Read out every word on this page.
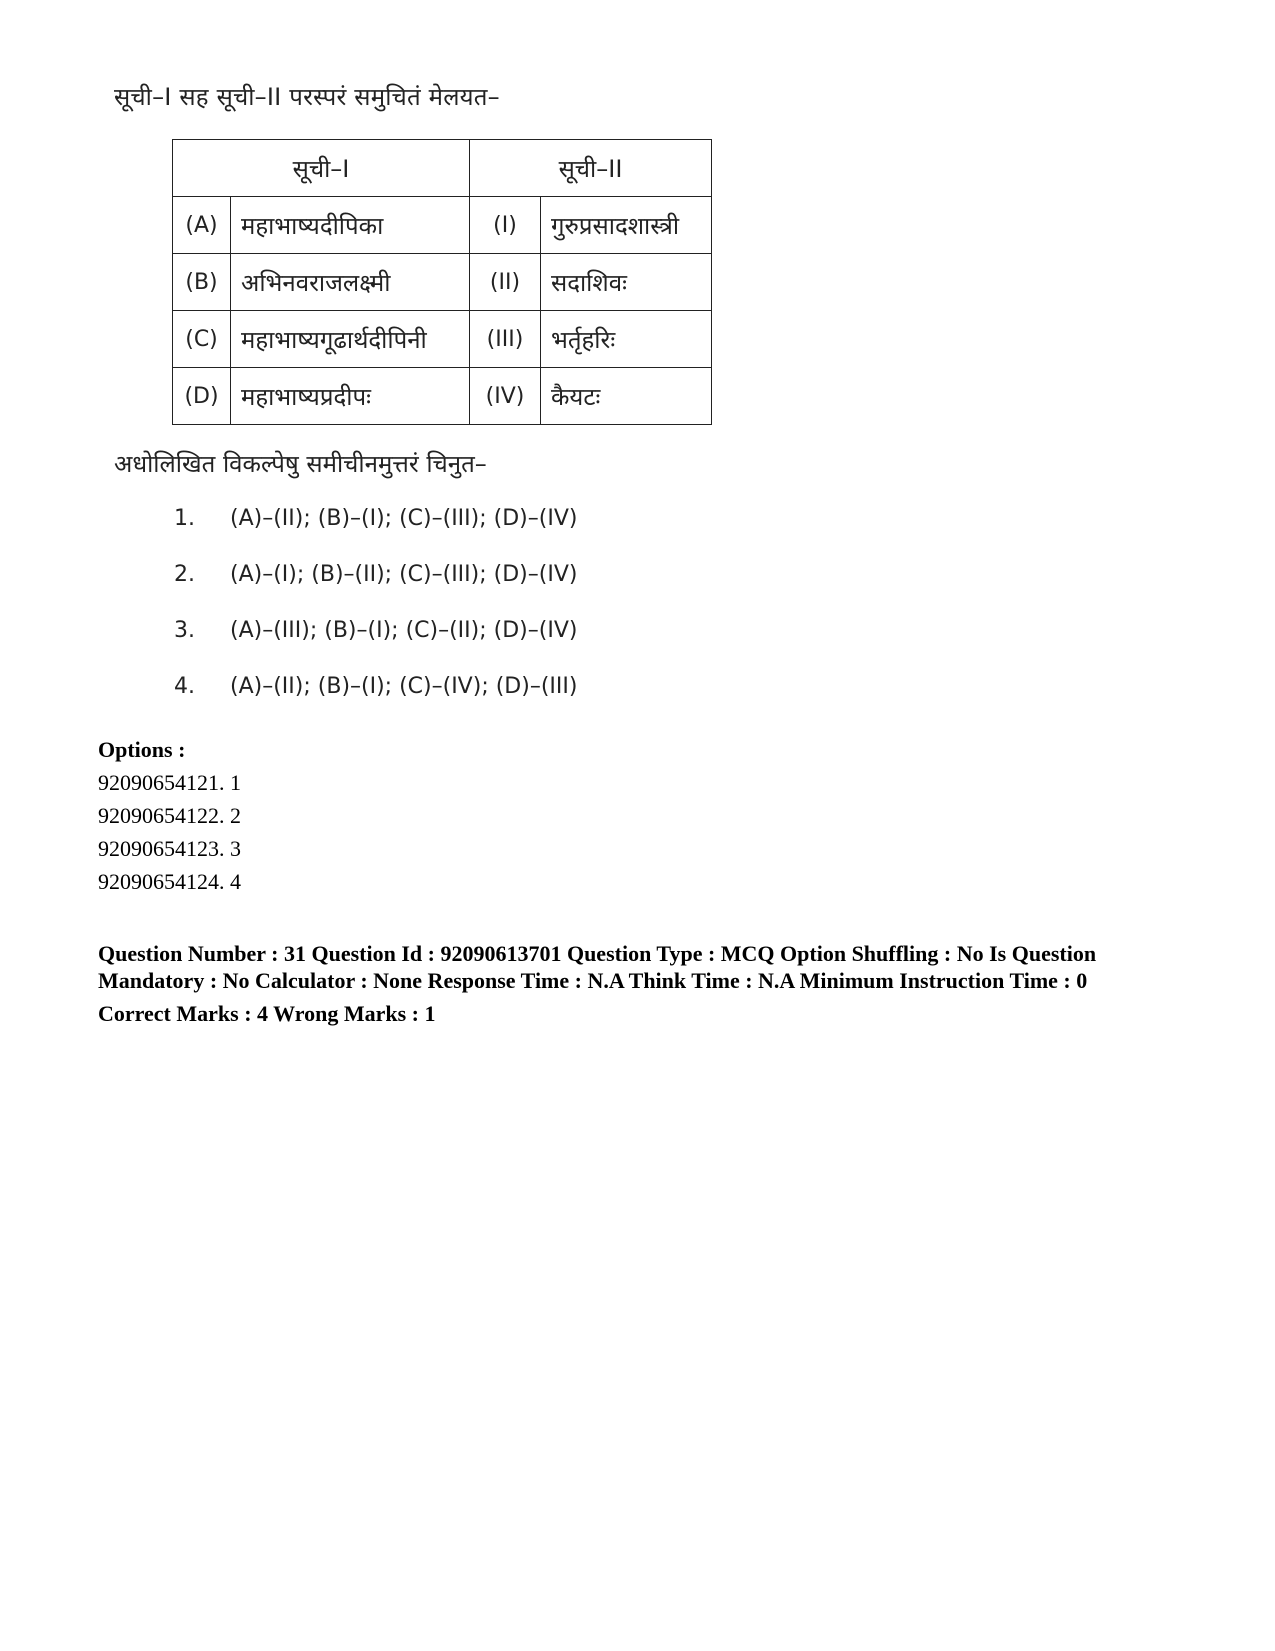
सूची–I सह सूची–II परस्परं समुचितं मेलयत–
सूची–I		सूची–II	
(A)	महाभाष्यदीपिका	(I)	गुरुप्रसादशास्त्री
(B)	अभिनवराजलक्ष्मी	(II)	सदाशिवः
(C)	महाभाष्यगूढार्थदीपिनी	(III)	भर्तृहरिः
(D)	महाभाष्यप्रदीपः	(IV)	कैयटः
अधोलिखित विकल्पेषु समीचीनमुत्तरं चिनुत–
1.	(A)–(II); (B)–(I); (C)–(III); (D)–(IV)
2.	(A)–(I); (B)–(II); (C)–(III); (D)–(IV)
3.	(A)–(III); (B)–(I); (C)–(II); (D)–(IV)
4.	(A)–(II); (B)–(I); (C)–(IV); (D)–(III)
Options :
92090654121. 1
92090654122. 2
92090654123. 3
92090654124. 4
Question Number : 31 Question Id : 92090613701 Question Type : MCQ Option Shuffling : No Is Question Mandatory : No Calculator : None Response Time : N.A Think Time : N.A Minimum Instruction Time : 0
Correct Marks : 4 Wrong Marks : 1
